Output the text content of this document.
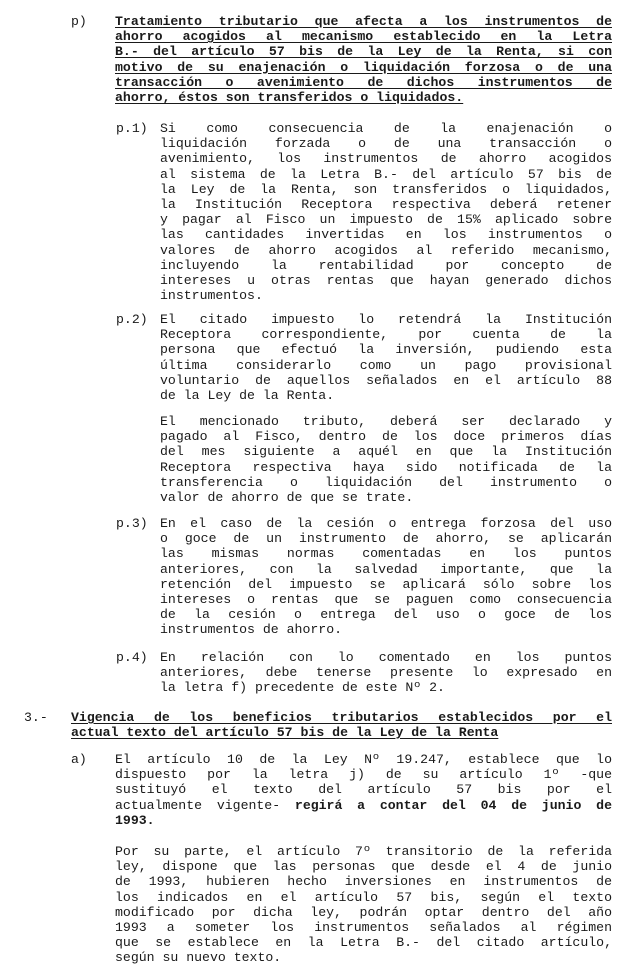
p) Tratamiento tributario que afecta a los instrumentos de
ahorro acogidos al mecanismo establecido en la Letra
B.- del artículo 57 bis de la Ley de la Renta, si con
motivo de su enajenación o liquidación forzosa o de una
transacción o avenimiento de dichos instrumentos de
ahorro, éstos son transferidos o liquidados.
p.1) Si como consecuencia de la enajenación o
liquidación forzada o de una transacción o
avenimiento, los instrumentos de ahorro acogidos
al sistema de la Letra B.- del artículo 57 bis de
la Ley de la Renta, son transferidos o liquidados,
la Institución Receptora respectiva deberá retener
y pagar al Fisco un impuesto de 15% aplicado sobre
las cantidades invertidas en los instrumentos o
valores de ahorro acogidos al referido mecanismo,
incluyendo la rentabilidad por concepto de
intereses u otras rentas que hayan generado dichos
instrumentos.
p.2) El citado impuesto lo retendrá la Institución
Receptora correspondiente, por cuenta de la
persona que efectuó la inversión, pudiendo esta
última considerarlo como un pago provisional
voluntario de aquellos señalados en el artículo 88
de la Ley de la Renta.
El mencionado tributo, deberá ser declarado y
pagado al Fisco, dentro de los doce primeros días
del mes siguiente a aquél en que la Institución
Receptora respectiva haya sido notificada de la
transferencia o liquidación del instrumento o
valor de ahorro de que se trate.
p.3) En el caso de la cesión o entrega forzosa del uso
o goce de un instrumento de ahorro, se aplicarán
las mismas normas comentadas en los puntos
anteriores, con la salvedad importante, que la
retención del impuesto se aplicará sólo sobre los
intereses o rentas que se paguen como consecuencia
de la cesión o entrega del uso o goce de los
instrumentos de ahorro.
p.4) En relación con lo comentado en los puntos
anteriores, debe tenerse presente lo expresado en
la letra f) precedente de este Nº 2.
3.- Vigencia de los beneficios tributarios establecidos por el
actual texto del artículo 57 bis de la Ley de la Renta
a) El artículo 10 de la Ley Nº 19.247, establece que lo
dispuesto por la letra j) de su artículo 1º -que
sustituyó el texto del artículo 57 bis por el
actualmente vigente- regirá a contar del 04 de junio de
1993.
Por su parte, el artículo 7º transitorio de la referida
ley, dispone que las personas que desde el 4 de junio
de 1993, hubieren hecho inversiones en instrumentos de
los indicados en el artículo 57 bis, según el texto
modificado por dicha ley, podrán optar dentro del año
1993 a someter los instrumentos señalados al régimen
que se establece en la Letra B.- del citado artículo,
según su nuevo texto.
